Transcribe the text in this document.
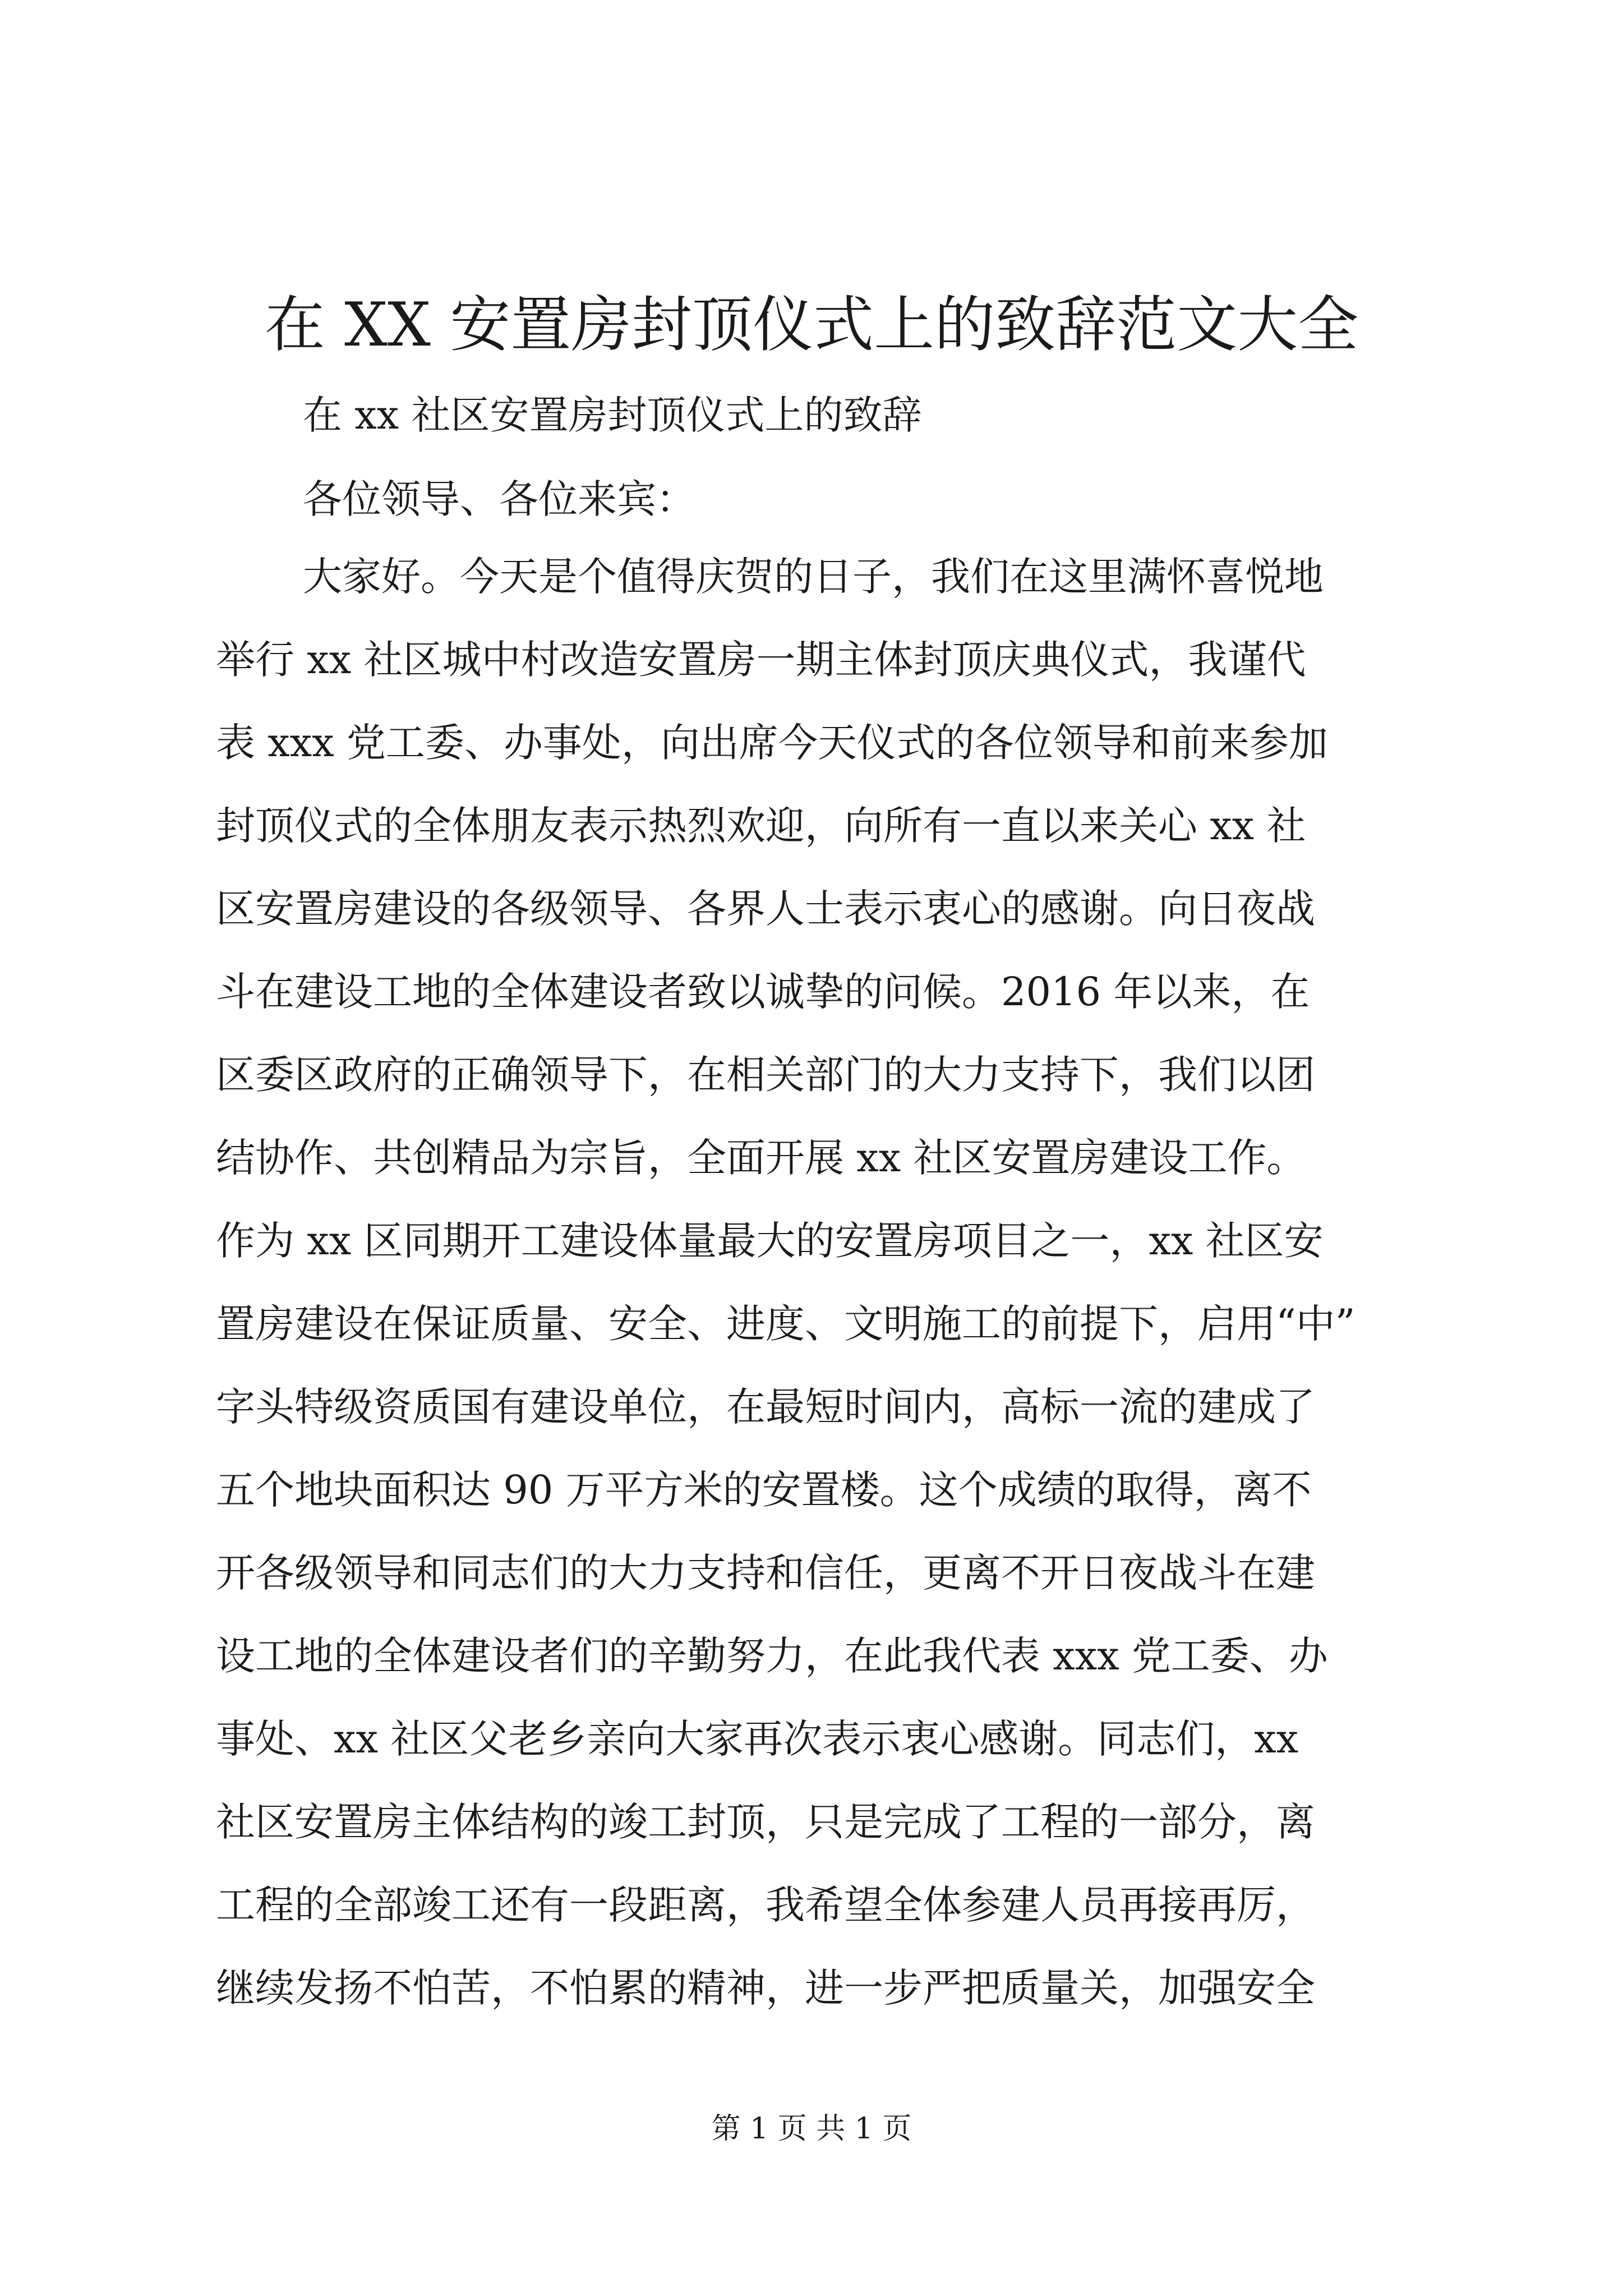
在 XX 安置房封顶仪式上的致辞范文大全

在 xx 社区安置房封顶仪式上的致辞

各位领导、各位来宾：

大家好。今天是个值得庆贺的日子，我们在这里满怀喜悦地
举行 xx 社区城中村改造安置房一期主体封顶庆典仪式，我谨代
表 xxx 党工委、办事处，向出席今天仪式的各位领导和前来参加
封顶仪式的全体朋友表示热烈欢迎，向所有一直以来关心 xx 社
区安置房建设的各级领导、各界人士表示衷心的感谢。向日夜战
斗在建设工地的全体建设者致以诚挚的问候。2016 年以来，在
区委区政府的正确领导下，在相关部门的大力支持下，我们以团
结协作、共创精品为宗旨，全面开展 xx 社区安置房建设工作。
作为 xx 区同期开工建设体量最大的安置房项目之一，xx 社区安
置房建设在保证质量、安全、进度、文明施工的前提下，启用“中”
字头特级资质国有建设单位，在最短时间内，高标一流的建成了
五个地块面积达 90 万平方米的安置楼。这个成绩的取得，离不
开各级领导和同志们的大力支持和信任，更离不开日夜战斗在建
设工地的全体建设者们的辛勤努力，在此我代表 xxx 党工委、办
事处、xx 社区父老乡亲向大家再次表示衷心感谢。同志们，xx
社区安置房主体结构的竣工封顶，只是完成了工程的一部分，离
工程的全部竣工还有一段距离，我希望全体参建人员再接再厉，
继续发扬不怕苦，不怕累的精神，进一步严把质量关，加强安全

第 1 页 共 1 页
